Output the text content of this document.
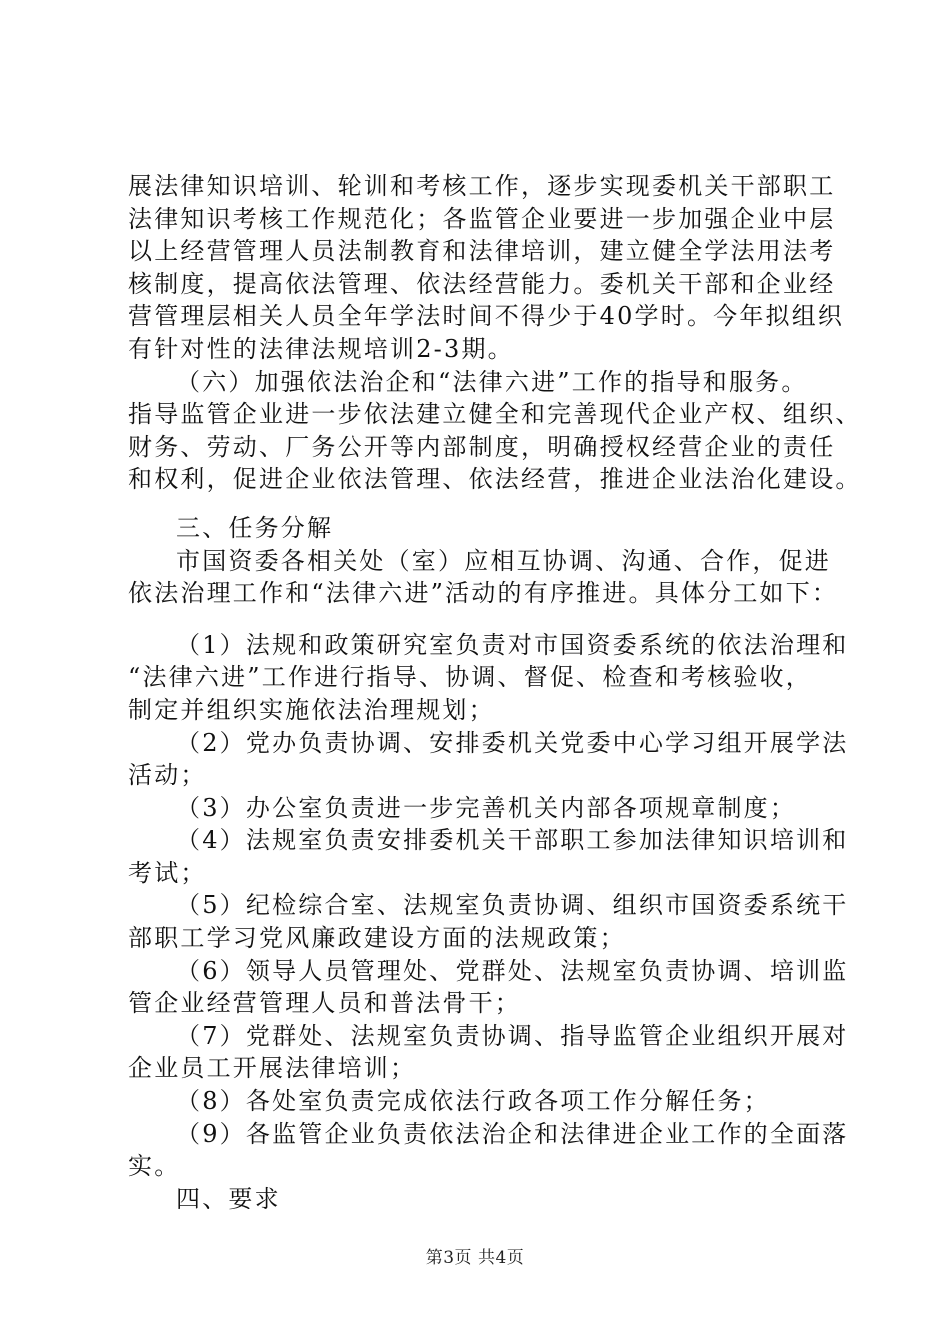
展法律知识培训、轮训和考核工作，逐步实现委机关干部职工
法律知识考核工作规范化；各监管企业要进一步加强企业中层
以上经营管理人员法制教育和法律培训，建立健全学法用法考
核制度，提高依法管理、依法经营能力。委机关干部和企业经
营管理层相关人员全年学法时间不得少于40学时。今年拟组织
有针对性的法律法规培训2-3期。
（六）加强依法治企和“法律六进”工作的指导和服务。
指导监管企业进一步依法建立健全和完善现代企业产权、组织、
财务、劳动、厂务公开等内部制度，明确授权经营企业的责任
和权利，促进企业依法管理、依法经营，推进企业法治化建设。
三、任务分解
市国资委各相关处（室）应相互协调、沟通、合作，促进
依法治理工作和“法律六进”活动的有序推进。具体分工如下：
（1）法规和政策研究室负责对市国资委系统的依法治理和
“法律六进”工作进行指导、协调、督促、检查和考核验收，
制定并组织实施依法治理规划；
（2）党办负责协调、安排委机关党委中心学习组开展学法
活动；
（3）办公室负责进一步完善机关内部各项规章制度；
（4）法规室负责安排委机关干部职工参加法律知识培训和
考试；
（5）纪检综合室、法规室负责协调、组织市国资委系统干
部职工学习党风廉政建设方面的法规政策；
（6）领导人员管理处、党群处、法规室负责协调、培训监
管企业经营管理人员和普法骨干；
（7）党群处、法规室负责协调、指导监管企业组织开展对
企业员工开展法律培训；
（8）各处室负责完成依法行政各项工作分解任务；
（9）各监管企业负责依法治企和法律进企业工作的全面落
实。
四、要求
第3页 共4页
